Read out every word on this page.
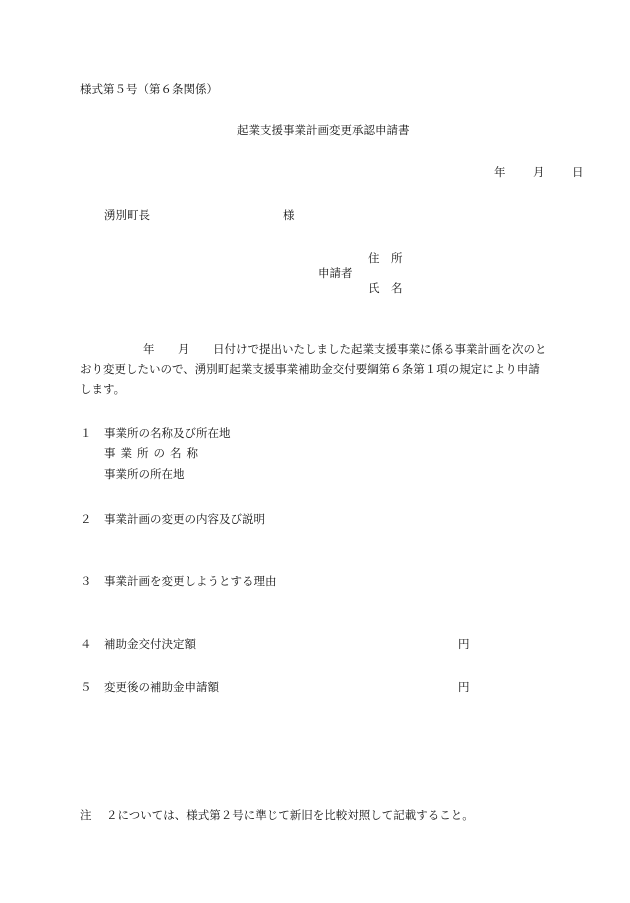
様式第５号（第６条関係）
起業支援事業計画変更承認申請書
年 月 日
湧別町長	様
住　所
申請者
氏　名
年 月 日付けで提出いたしました起業支援事業に係る事業計画を次のと
おり変更したいので、湧別町起業支援事業補助金交付要綱第６条第１項の規定により申請
します。
１ 事業所の名称及び所在地
事業所の名称
事業所の所在地
２ 事業計画の変更の内容及び説明
３ 事業計画を変更しようとする理由
４ 補助金交付決定額	円
５ 変更後の補助金申請額	円
注 ２については、様式第２号に準じて新旧を比較対照して記載すること。
